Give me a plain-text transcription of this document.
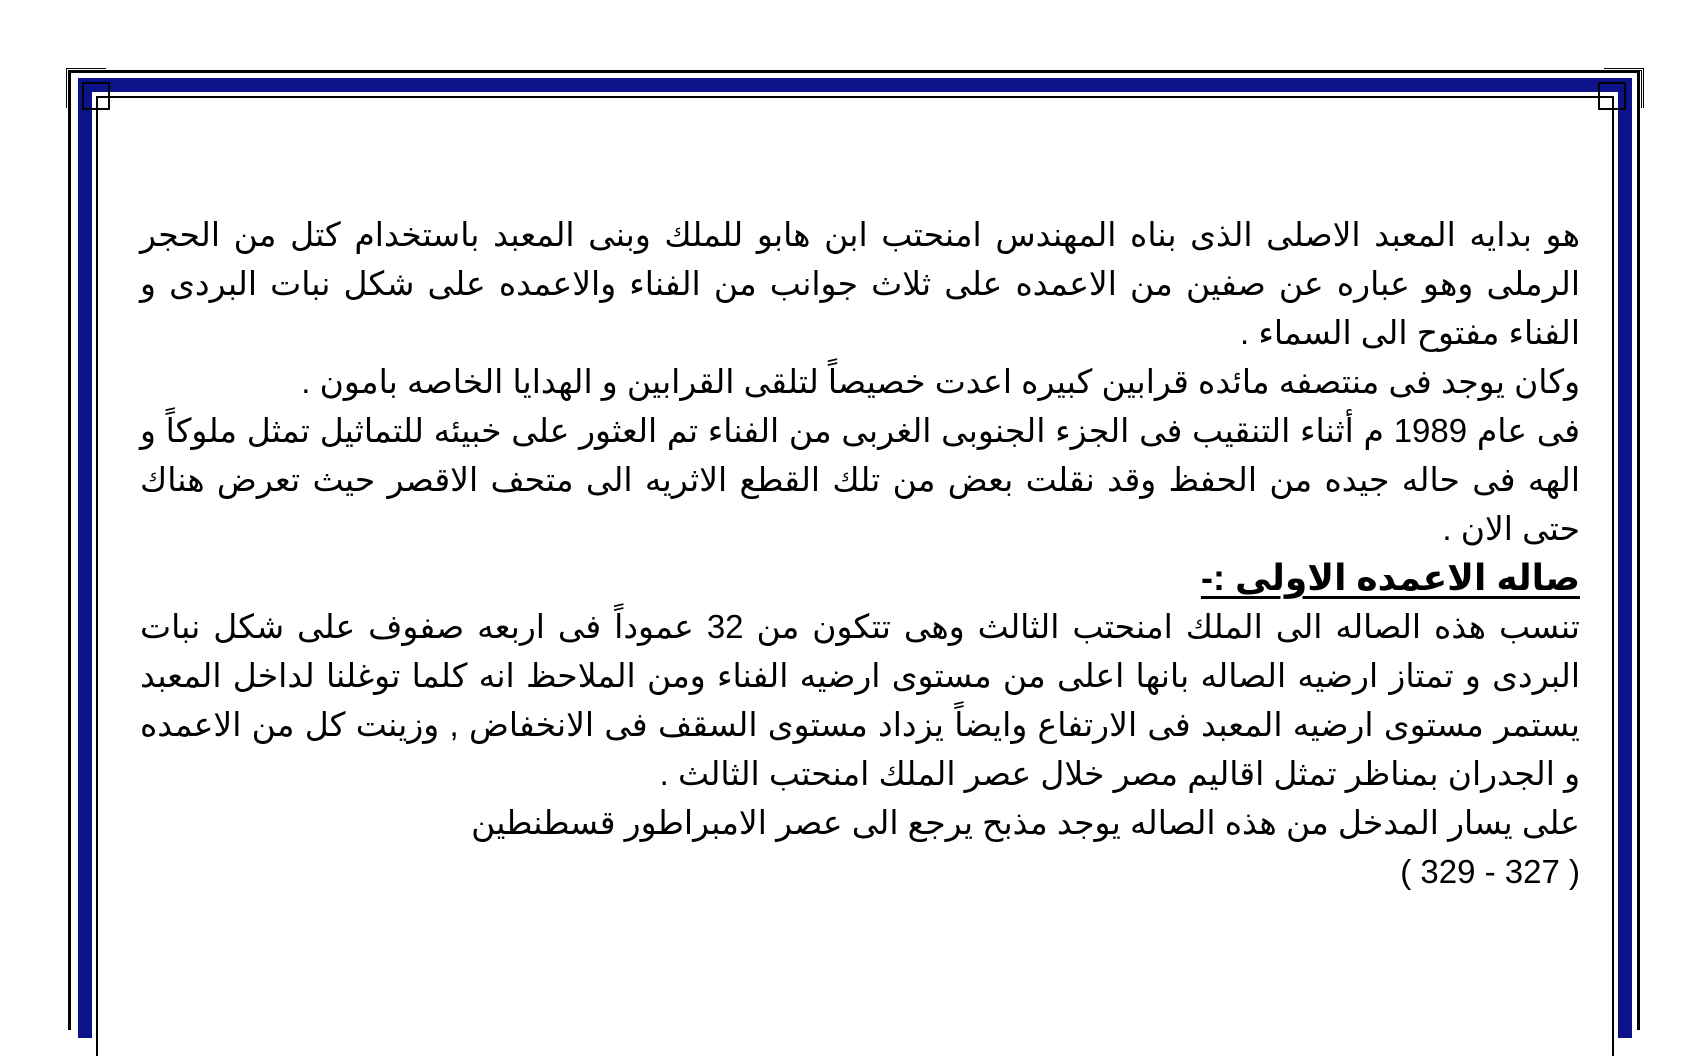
هو بدايه المعبد الاصلى الذى بناه المهندس امنحتب ابن هابو للملك وبنى المعبد باستخدام كتل من الحجر الرملى وهو عباره عن صفين من الاعمده على ثلاث جوانب من الفناء والاعمده على شكل نبات البردى و الفناء مفتوح الى السماء .

وكان يوجد فى منتصفه مائده قرابين كبيره اعدت خصيصاً لتلقى القرابين و الهدايا الخاصه بامون .

فى عام 1989 م أثناء التنقيب فى الجزء الجنوبى الغربى من الفناء تم العثور على خبيئه للتماثيل تمثل ملوكاً و الهه فى حاله جيده من الحفظ وقد نقلت بعض من تلك القطع الاثريه الى متحف الاقصر حيث تعرض هناك حتى الان .

صاله الاعمده الاولى :-

تنسب هذه الصاله الى الملك امنحتب الثالث وهى تتكون من 32 عموداً فى اربعه صفوف على شكل نبات البردى و تمتاز ارضيه الصاله بانها اعلى من مستوى ارضيه الفناء ومن الملاحظ انه كلما توغلنا لداخل المعبد يستمر مستوى ارضيه المعبد فى الارتفاع وايضاً يزداد مستوى السقف فى الانخفاض , وزينت كل من الاعمده و الجدران بمناظر تمثل اقاليم مصر خلال عصر الملك امنحتب الثالث .

على يسار المدخل من هذه الصاله يوجد مذبح يرجع الى عصر الامبراطور قسطنطين

( 327 - 329 )
